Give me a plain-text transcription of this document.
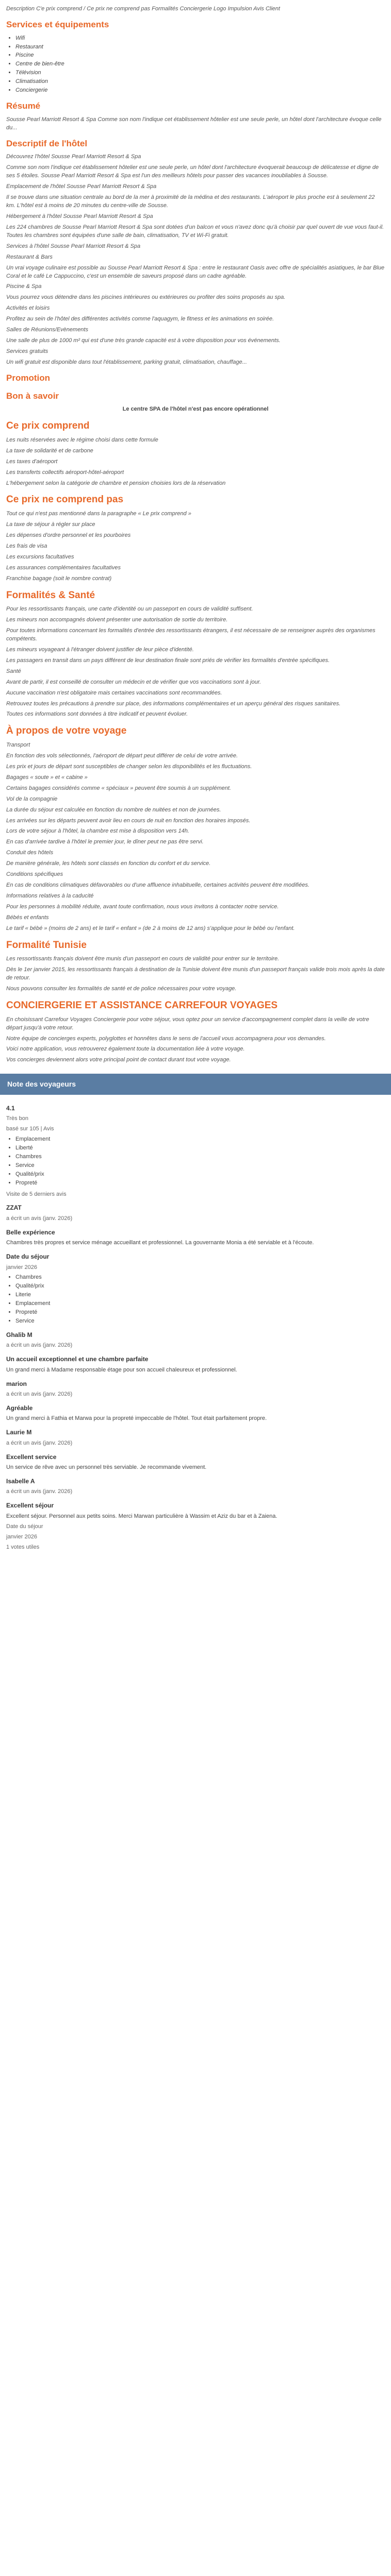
Description C'e prix comprend / Ce prix ne comprend pas Formalités Conciergerie Logo Impulsion Avis Client
Services et équipements
• Wifi
• Restaurant
• Piscine
• Centre de bien-être
• Télévision
• Climatisation
• Conciergerie
Résumé

Sousse Pearl Marriott Resort & Spa Comme son nom l'indique cet établissement hôtelier est une seule perle, un hôtel dont l'architecture évoque celle du...

Descriptif de l'hôtel

Découvrez l'hôtel Sousse Pearl Marriott Resort & Spa

Comme son nom l'indique cet établissement hôtelier est une seule perle, un hôtel dont l'architecture évoquerait beaucoup de délicatesse et digne de ses 5 étoiles. Sousse Pearl Marriott Resort & Spa est l'un des meilleurs hôtels pour passer des vacances inoubliables à Sousse.

Emplacement de l'hôtel Sousse Pearl Marriott Resort & Spa

Il se trouve dans une situation centrale au bord de la mer à proximité de la médina et des restaurants. L'aéroport le plus proche est à seulement 22 km. L'hôtel est à moins de 20 minutes du centre-ville de Sousse.

Hébergement à l'hôtel Sousse Pearl Marriott Resort & Spa

Les 224 chambres de Sousse Pearl Marriott Resort & Spa sont dotées d'un balcon et vous n'avez donc qu'à choisir par quel ouvert de vue vous faut-il. Toutes les chambres sont équipées d'une salle de bain, climatisation, TV et Wi-Fi gratuit.

Services à l'hôtel Sousse Pearl Marriott Resort & Spa

Restaurant & Bars

Un vrai voyage culinaire est possible au Sousse Pearl Marriott Resort & Spa : entre le restaurant Oasis avec offre de spécialités asiatiques, le bar Blue Coral et le café Le Cappuccino, c'est un ensemble de saveurs proposé dans un cadre agréable.

Piscine & Spa

Vous pourrez vous détendre dans les piscines intérieures ou extérieures ou profiter des soins proposés au spa.

Activités et loisirs

Profitez au sein de l'hôtel des différentes activités comme l'aquagym, le fitness et les animations en soirée.

Salles de Réunions/Evènements

Une salle de plus de 1000 m² qui est d'une très grande capacité est à votre disposition pour vos événements.

Services gratuits

Un wifi gratuit est disponible dans tout l'établissement, parking gratuit, climatisation, chauffage...

Promotion
Bon à savoir
Le centre SPA de l'hôtel n'est pas encore opérationnel
Ce prix comprend

Les nuits réservées avec le régime choisi dans cette formule

La taxe de solidarité et de carbone

Les taxes d'aéroport

Les transferts collectifs aéroport-hôtel-aéroport

L'hébergement selon la catégorie de chambre et pension choisies lors de la réservation

Ce prix ne comprend pas

Tout ce qui n'est pas mentionné dans la paragraphe « Le prix comprend »

La taxe de séjour à régler sur place

Les dépenses d'ordre personnel et les pourboires

Les frais de visa

Les excursions facultatives

Les assurances complémentaires facultatives

Franchise bagage (soit le nombre contrat)

Formalités & Santé

Pour les ressortissants français, une carte d'identité ou un passeport en cours de validité suffisent.

Les mineurs non accompagnés doivent présenter une autorisation de sortie du territoire.

Pour toutes informations concernant les formalités d'entrée des ressortissants étrangers, il est nécessaire de se renseigner auprès des organismes compétents.

Les mineurs voyageant à l'étranger doivent justifier de leur pièce d'identité.

Les passagers en transit dans un pays différent de leur destination finale sont priés de vérifier les formalités d'entrée spécifiques.

Santé

Avant de partir, il est conseillé de consulter un médecin et de vérifier que vos vaccinations sont à jour.

Aucune vaccination n'est obligatoire mais certaines vaccinations sont recommandées.

Retrouvez toutes les précautions à prendre sur place, des informations complémentaires et un aperçu général des risques sanitaires.

Toutes ces informations sont données à titre indicatif et peuvent évoluer.

À propos de votre voyage

Transport

En fonction des vols sélectionnés, l'aéroport de départ peut différer de celui de votre arrivée.

Les prix et jours de départ sont susceptibles de changer selon les disponibilités et les fluctuations.

Bagages « soute » et « cabine »

Certains bagages considérés comme « spéciaux » peuvent être soumis à un supplément.

Vol de la compagnie

La durée du séjour est calculée en fonction du nombre de nuitées et non de journées.

Les arrivées sur les départs peuvent avoir lieu en cours de nuit en fonction des horaires imposés.

Lors de votre séjour à l'hôtel, la chambre est mise à disposition vers 14h.

En cas d'arrivée tardive à l'hôtel le premier jour, le dîner peut ne pas être servi.

Conduit des hôtels

De manière générale, les hôtels sont classés en fonction du confort et du service.

Conditions spécifiques

En cas de conditions climatiques défavorables ou d'une affluence inhabituelle, certaines activités peuvent être modifiées.

Informations relatives à la caducité

Pour les personnes à mobilité réduite, avant toute confirmation, nous vous invitons à contacter notre service.

Bébés et enfants

Le tarif « bébé » (moins de 2 ans) et le tarif « enfant » (de 2 à moins de 12 ans) s'applique pour le bébé ou l'enfant.

Formalité Tunisie

Les ressortissants français doivent être munis d'un passeport en cours de validité pour entrer sur le territoire.

Dès le 1er janvier 2015, les ressortissants français à destination de la Tunisie doivent être munis d'un passeport français valide trois mois après la date de retour.

Nous pouvons consulter les formalités de santé et de police nécessaires pour votre voyage.

CONCIERGERIE ET ASSISTANCE CARREFOUR VOYAGES

En choisissant Carrefour Voyages Conciergerie pour votre séjour, vous optez pour un service d'accompagnement complet dans la veille de votre départ jusqu'à votre retour.

Notre équipe de concierges experts, polyglottes et honnêtes dans le sens de l'accueil vous accompagnera pour vos demandes.

Voici notre application, vous retrouverez également toute la documentation liée à votre voyage.

Vos concierges deviennent alors votre principal point de contact durant tout votre voyage.

Note des voyageurs
4.1
Très bon
basé sur 105 | Avis
• Emplacement
• Liberté
• Chambres
• Service
• Qualité/prix
• Propreté
Visite de 5 derniers avis
ZZAT
a écrit un avis (janv. 2026)
Belle expérience
Chambres très propres et service ménage accueillant et professionnel. La gouvernante Monia a été serviable et à l'écoute.
Date du séjour
janvier 2026
• Chambres
• Qualité/prix
• Literie
• Emplacement
• Propreté
• Service
Ghalib M
a écrit un avis (janv. 2026)
Un accueil exceptionnel et une chambre parfaite
Un grand merci à Madame responsable étage pour son accueil chaleureux et professionnel.
marion
a écrit un avis (janv. 2026)
Agréable
Un grand merci à Fathia et Marwa pour la propreté impeccable de l'hôtel. Tout était parfaitement propre.
Laurie M
a écrit un avis (janv. 2026)
Excellent service
Un service de rêve avec un personnel très serviable. Je recommande vivement.
Isabelle A
a écrit un avis (janv. 2026)
Excellent séjour
Excellent séjour. Personnel aux petits soins. Merci Marwan particulière à Wassim et Aziz du bar et à Zaiena.
Date du séjour
janvier 2026
1 votes utiles
